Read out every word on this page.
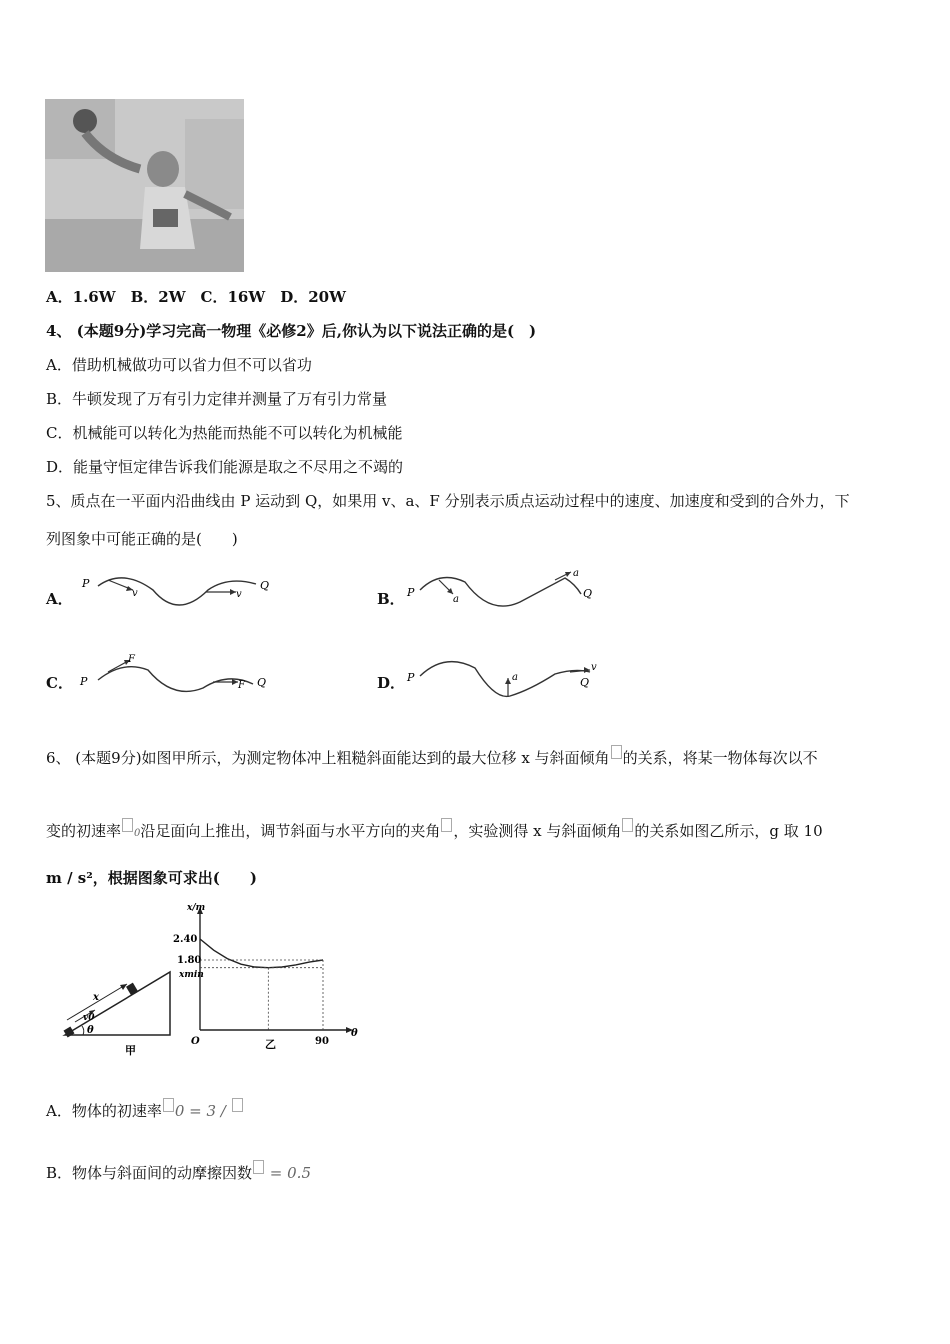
A．1.6W　B．2W　C．16W　D．20W
4、 (本题9分)学习完高一物理《必修2》后,你认为以下说法正确的是(　)
A．借助机械做功可以省力但不可以省功
B．牛顿发现了万有引力定律并测量了万有引力常量
C．机械能可以转化为热能而热能不可以转化为机械能
D．能量守恒定律告诉我们能源是取之不尽用之不竭的
5、质点在一平面内沿曲线由 P 运动到 Q，如果用 v、a、F 分别表示质点运动过程中的速度、加速度和受到的合外力，下
列图象中可能正确的是(　　)
A．	B．
C．	D．
P
v	v
Q
P
a
a
Q
P
F
F Q	P	a
v
Q
6、 (本题9分)如图甲所示，为测定物体冲上粗糙斜面能达到的最大位移 x 与斜面倾角 的关系，将某一物体每次以不
变的初速率 0沿足面向上推出，调节斜面与水平方向的夹角 ，实验测得 x 与斜面倾角 的关系如图乙所示，g 取 10
m / s²，根据图象可求出(　　)
x
v0
θ
甲
x/m
θ
2.40
1.80
xmin
O	90
乙
A．物体的初速率 0 = 3 /
B．物体与斜面间的动摩擦因数 = 0.5
